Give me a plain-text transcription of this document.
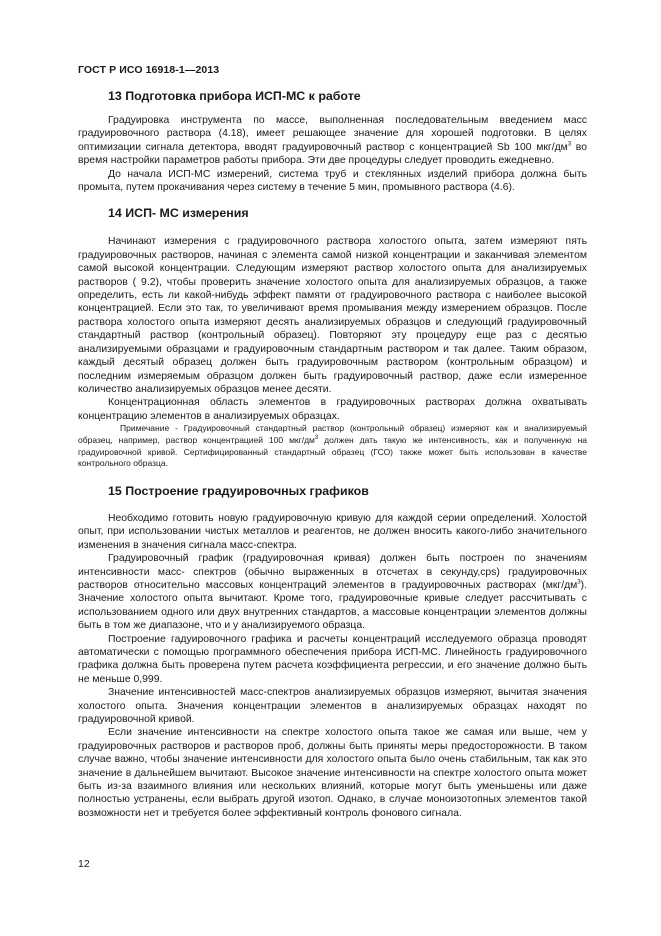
ГОСТ Р ИСО 16918-1—2013
13 Подготовка прибора ИСП-МС к работе

Градуировка инструмента по массе, выполненная последовательным введением масс градуировочного раствора (4.18), имеет решающее значение для хорошей подготовки. В целях оптимизации сигнала детектора, вводят градуировочный раствор с концентрацией Sb 100 мкг/$дм^3$ во время настройки параметров работы прибора. Эти две процедуры следует проводить ежедневно.

До начала ИСП-МС измерений, система труб и стеклянных изделий прибора должна быть промыта, путем прокачивания через систему в течение 5 мин, промывного раствора (4.6).

14 ИСП- МС измерения

Начинают измерения с градуировочного раствора холостого опыта, затем измеряют пять градуировочных растворов, начиная с элемента самой низкой концентрации и заканчивая элементом самой высокой концентрации. Следующим измеряют раствор холостого опыта для анализируемых растворов ( 9.2), чтобы проверить значение холостого опыта для анализируемых образцов, а также определить, есть ли какой-нибудь эффект памяти от градуировочного раствора с наиболее высокой концентрацией. Если это так, то увеличивают время промывания между измерением образцов. После раствора холостого опыта измеряют десять анализируемых образцов и следующий градуировочный стандартный раствор (контрольный образец). Повторяют эту процедуру еще раз с десятью анализируемыми образцами и градуировочным стандартным раствором и так далее. Таким образом, каждый десятый образец должен быть градуировочным раствором (контрольным образцом) и последним измеряемым образцом должен быть градуировочный раствор, даже если измеренное количество анализируемых образцов менее десяти.

Концентрационная область элементов в градуировочных растворах должна охватывать концентрацию элементов в анализируемых образцах.

Примечание - Градуировочный стандартный раствор (контрольный образец) измеряют как и анализируемый образец, например, раствор концентрацией 100 мкг/$дм^3$ должен дать такую же интенсивность, как и полученную на градуировочной кривой. Сертифицированный стандартный образец (ГСО) также может быть использован в качестве контрольного образца.

15 Построение градуировочных графиков

Необходимо готовить новую градуировочную кривую для каждой серии определений. Холостой опыт, при использовании чистых металлов и реагентов, не должен вносить какого-либо значительного изменения в значения сигнала масс-спектра.

Градуировочный график (градуировочная кривая) должен быть построен по значениям интенсивности масс- спектров (обычно выраженных в отсчетах в секунду,cps) градуировочных растворов относительно массовых концентраций элементов в градуировочных растворах $(мкг/дм^3)$. Значение холостого опыта вычитают. Кроме того, градуировочные кривые следует рассчитывать с использованием одного или двух внутренних стандартов, а массовые концентрации элементов должны быть в том же диапазоне, что и у анализируемого образца.

Построение гадуировочного графика и расчеты концентраций исследуемого образца проводят автоматически с помощью программного обеспечения прибора ИСП-МС. Линейность градуировочного графика должна быть проверена путем расчета коэффициента регрессии, и его значение должно быть не меньше 0,999.

Значение интенсивностей масс-спектров анализируемых образцов измеряют, вычитая значения холостого опыта. Значения концентрации элементов в анализируемых образцах находят по градуировочной кривой.

Если значение интенсивности на спектре холостого опыта такое же самая или выше, чем у градуировочных растворов и растворов проб, должны быть приняты меры предосторожности. В таком случае важно, чтобы значение интенсивности для холостого опыта было очень стабильным, так как это значение в дальнейшем вычитают. Высокое значение интенсивности на спектре холостого опыта может быть из-за взаимного влияния или нескольких влияний, которые могут быть уменьшены или даже полностью устранены, если выбрать другой изотоп. Однако, в случае моноизотопных элементов такой возможности нет и требуется более эффективный контроль фонового сигнала.

12
